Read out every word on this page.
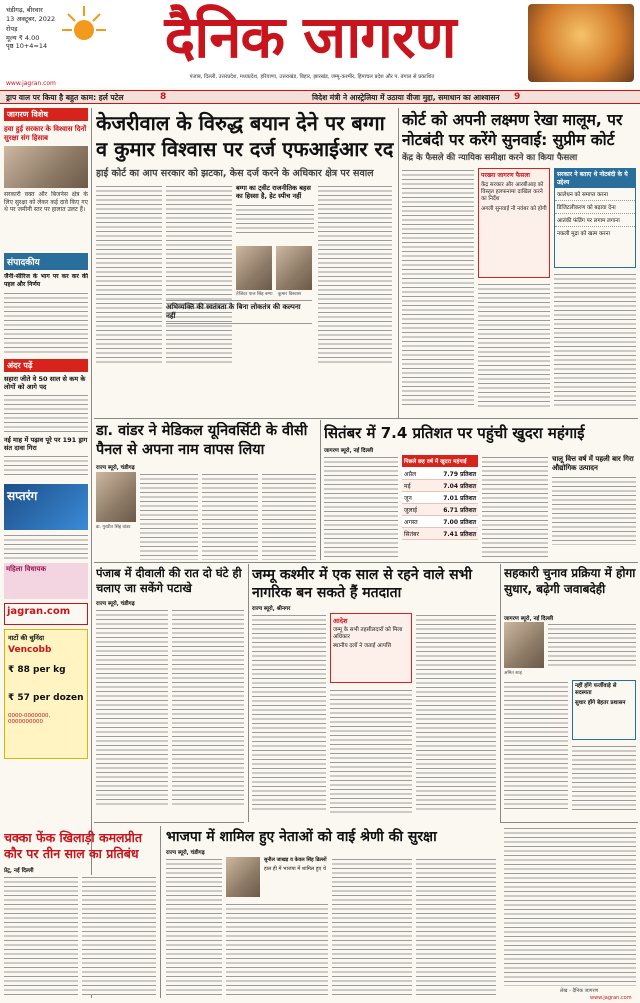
चंडीगढ़, बीरवार
13 अक्टूबर, 2022
रोपड़
मूल्य ₹ 4.00
पृष्ठ 10+4=14	दैनिक जागरण
पंजाब, दिल्ली, उत्तरप्रदेश, मध्यप्रदेश, हरियाणा, उत्तराखंड, बिहार, झारखंड, जम्मू-कश्मीर, हिमाचल प्रदेश और प. बंगाल से प्रकाशित
www.jagran.com
ड्राप वाल पर किया है बहुत काम: हर्ल पटेल	8	विदेश मंत्री ने आस्ट्रेलिया में उठाया वीजा मुद्दा, समाधान का आश्वासन 9
जागरण विशेष
हवा हुई सरकार के विश्वास दिनों सुरक्षा संग हिसाब
सरकारी वक्त और बिजनेस क्षेत्र के लिए सुरक्षा को लेकर कई दावे किए गए थे पर जमीनी स्तर पर हालात उलट हैं।
संपादकीय
जैनी-सीरिज के भाग पर कर कर की पहल और निर्णय
अंदर पढ़ें
सहारा जीते वे 50 साल से कम के लोगों को आगे पद
नई माह में पढ़ाव पूरे पर 191 ड्राग संत दावा गिरा
सप्तरंग
महिला विधायक
jagran.com
नाटों की चुनिंदा
Vencobb
₹ 88 per kg
₹ 57 per dozen
0000-0000000, 0000000000
केजरीवाल के विरुद्ध बयान देने पर बग्गा व कुमार विश्वास पर दर्ज एफआईआर रद
हाई कोर्ट का आप सरकार को झटका, केस दर्ज करने के अधिकार क्षेत्र पर सवाल
बग्गा का ट्वीट राजनीतिक बहस का हिस्सा है, हेट स्पीच नहीं
तेजिंदर पाल सिंह बग्गा	कुमार विश्वास
अभिव्यक्ति की स्वतंत्रता के बिना लोकतंत्र की कल्पना नहीं
कोर्ट को अपनी लक्ष्मण रेखा मालूम, पर नोटबंदी पर करेंगे सुनवाई: सुप्रीम कोर्ट
केंद्र के फैसले की न्यायिक समीक्षा करने का किया फैसला
परख्ना जागरण फैसला
केंद्र सरकार और आरबीआइ को विस्तृत हलफनामा दाखिल करने का निर्देश
अगली सुनवाई नौ नवंबर को होगी
सरकार ने बताए थे नोटबंदी के ये उद्देश्य
कालेधन को समाप्त करना
डिजिटलीकरण को बढ़ावा देना
आतंकी फंडिंग पर लगाम लगाना
नकली मुद्रा को खत्म करना
डा. वांडर ने मेडिकल यूनिवर्सिटी के वीसी पैनल से अपना नाम वापस लिया
राज्य ब्यूरो, चंडीगढ़
डा. गुरप्रीत सिंह वांडर
सितंबर में 7.4 प्रतिशत पर पहुंची खुदरा महंगाई
जागरण ब्यूरो, नई दिल्ली
पिछले छह वर्ष में खुदरा महंगाई
अप्रैल	7.79 प्रतिशत
मई	7.04 प्रतिशत
जून	7.01 प्रतिशत
जुलाई	6.71 प्रतिशत
अगस्त	7.00 प्रतिशत
सितंबर	7.41 प्रतिशत
चालू वित्त वर्ष में पहली बार गिरा औद्योगिक उत्पादन
पंजाब में दीवाली की रात दो घंटे ही चलाए जा सकेंगे पटाखे
राज्य ब्यूरो, चंडीगढ़
जम्मू कश्मीर में एक साल से रहने वाले सभी नागरिक बन सकते हैं मतदाता
राज्य ब्यूरो, श्रीनगर
आदेश
जम्मू के सभी तहसीलदारों को मिला अधिकार
स्थानीय दलों ने जताई आपत्ति
सहकारी चुनाव प्रक्रिया में होगा सुधार, बढ़ेगी जवाबदेही
जागरण ब्यूरो, नई दिल्ली
अमित शाह
नहीं होंगे फर्जीवाड़े से सदस्यता
सुधार होंगे बेहतर प्रशासन
चक्का फेंक खिलाड़ी कमलप्रीत कौर पर तीन साल का प्रतिबंध
प्रेट्र, नई दिल्ली
भाजपा में शामिल हुए नेताओं को वाई श्रेणी की सुरक्षा
राज्य ब्यूरो, चंडीगढ़
सुनील जाखड़ व केवल सिंह ढिल्लों
हाल ही में भाजपा में शामिल हुए थे
लेख - दैनिक जागरण
www.jagran.com
